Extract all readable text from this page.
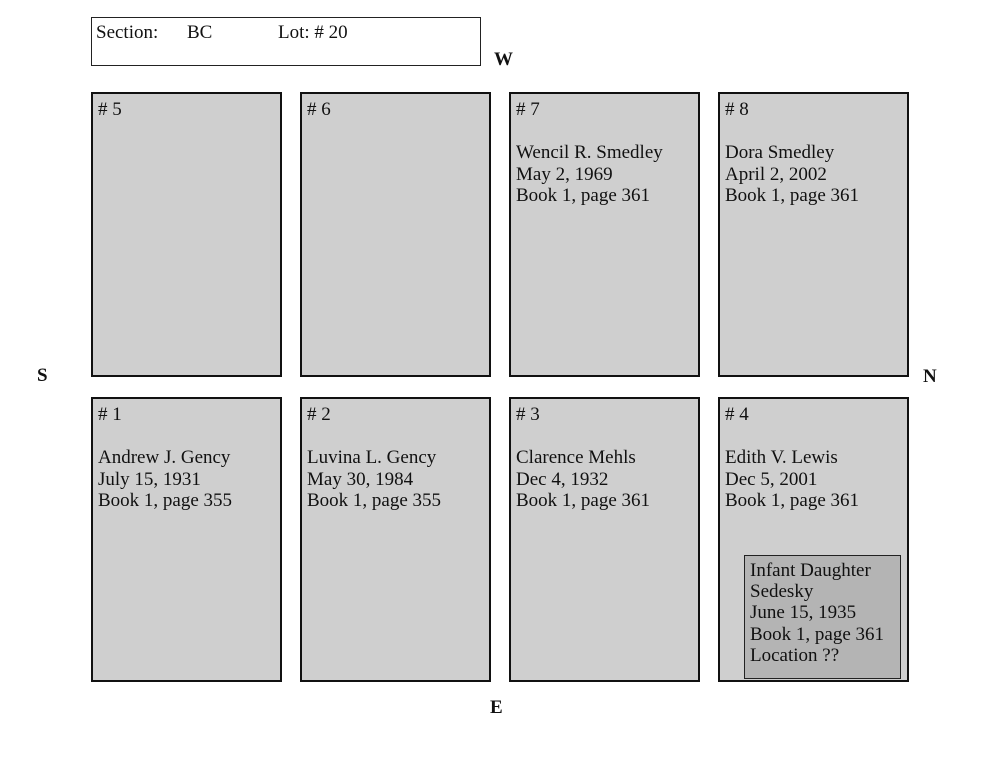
Section: BC	Lot: # 20
W
S	N
E
# 5	# 6	# 7
Wencil R. Smedley
May 2, 1969
Book 1, page 361
# 8
Dora Smedley
April 2, 2002
Book 1, page 361
# 1
Andrew J. Gency
July 15, 1931
Book 1, page 355
# 2
Luvina L. Gency
May 30, 1984
Book 1, page 355
# 3
Clarence Mehls
Dec 4, 1932
Book 1, page 361
# 4
Edith V. Lewis
Dec 5, 2001
Book 1, page 361
Infant Daughter
Sedesky
June 15, 1935
Book 1, page 361
Location ??
